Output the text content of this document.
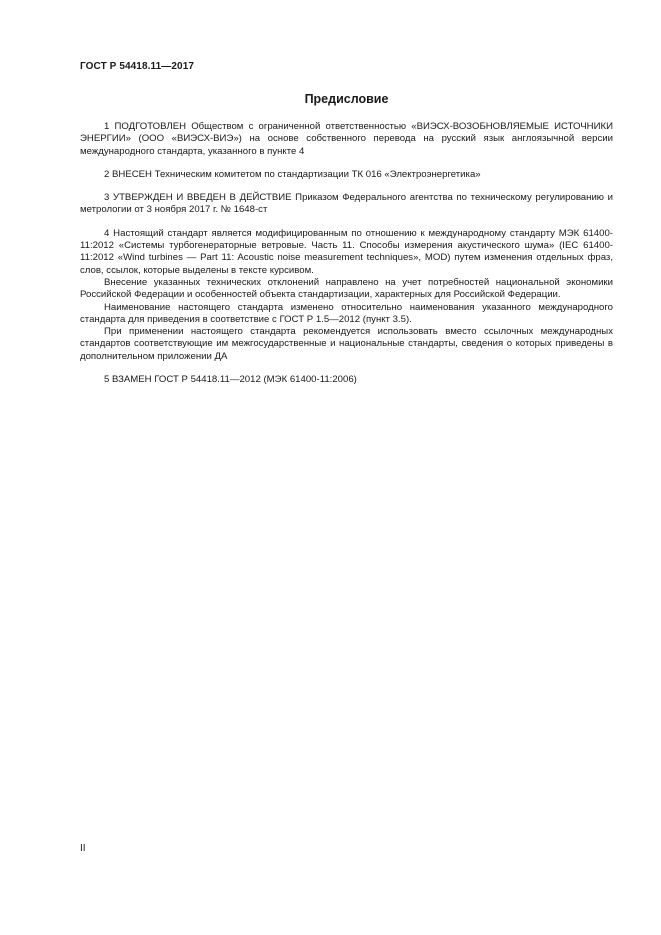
ГОСТ Р 54418.11—2017
Предисловие

1 ПОДГОТОВЛЕН Обществом с ограниченной ответственностью «ВИЭСХ-ВОЗОБНОВЛЯЕМЫЕ ИСТОЧНИКИ ЭНЕРГИИ» (ООО «ВИЭСХ-ВИЭ») на основе собственного перевода на русский язык англоязычной версии международного стандарта, указанного в пункте 4

2 ВНЕСЕН Техническим комитетом по стандартизации ТК 016 «Электроэнергетика»

3 УТВЕРЖДЕН И ВВЕДЕН В ДЕЙСТВИЕ Приказом Федерального агентства по техническому регулированию и метрологии от 3 ноября 2017 г. № 1648-ст

4 Настоящий стандарт является модифицированным по отношению к международному стандарту МЭК 61400-11:2012 «Системы турбогенераторные ветровые. Часть 11. Способы измерения акустического шума» (IEC 61400-11:2012 «Wind turbines — Part 11: Acoustic noise measurement techniques», MOD) путем изменения отдельных фраз, слов, ссылок, которые выделены в тексте курсивом.

Внесение указанных технических отклонений направлено на учет потребностей национальной экономики Российской Федерации и особенностей объекта стандартизации, характерных для Российской Федерации.

Наименование настоящего стандарта изменено относительно наименования указанного международного стандарта для приведения в соответствие с ГОСТ Р 1.5—2012 (пункт 3.5).

При применении настоящего стандарта рекомендуется использовать вместо ссылочных международных стандартов соответствующие им межгосударственные и национальные стандарты, сведения о которых приведены в дополнительном приложении ДА

5 ВЗАМЕН ГОСТ Р 54418.11—2012 (МЭК 61400-11:2006)

II
